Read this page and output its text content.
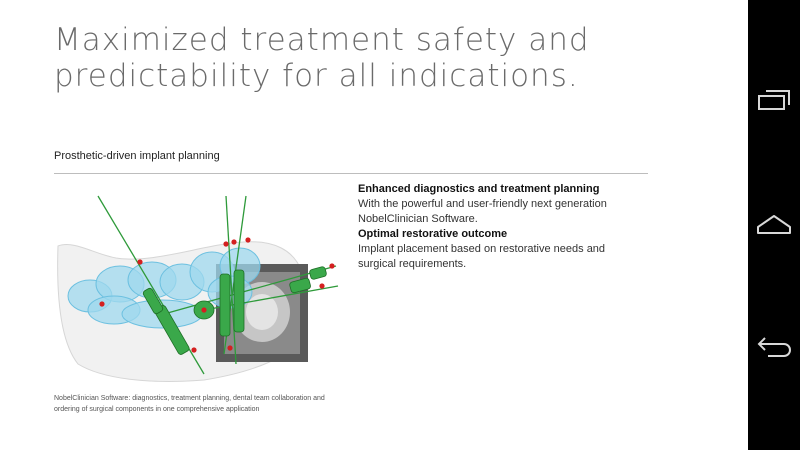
Maximized treatment safety and
predictability for all indications.
Prosthetic-driven implant planning
NobelClinician Software: diagnostics, treatment planning, dental team collaboration and
ordering of surgical components in one comprehensive application
Enhanced diagnostics and treatment planning
With the powerful and user-friendly next generation
NobelClinician Software.
Optimal restorative outcome
Implant placement based on restorative needs and
surgical requirements.
